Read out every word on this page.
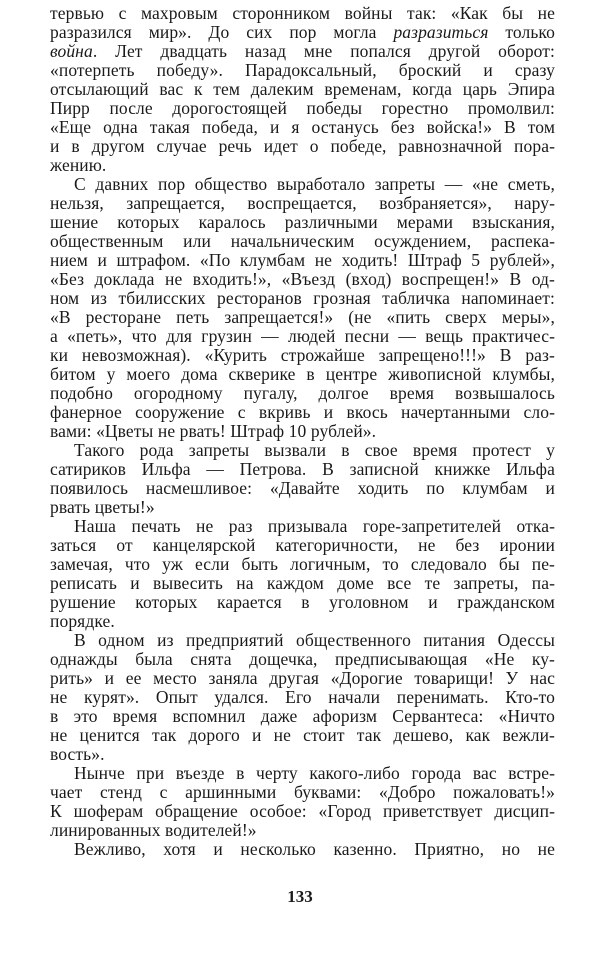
тервью с махровым сторонником войны так: «Как бы не
разразился мир». До сих пор могла разразиться только
война. Лет двадцать назад мне попался другой оборот:
«потерпеть победу». Парадоксальный, броский и сразу
отсылающий вас к тем далеким временам, когда царь Эпира
Пирр после дорогостоящей победы горестно промолвил:
«Еще одна такая победа, и я останусь без войска!» В том
и в другом случае речь идет о победе, равнозначной пора-
жению.
С давних пор общество выработало запреты — «не сметь,
нельзя, запрещается, воспрещается, возбраняется», нару-
шение которых каралось различными мерами взыскания,
общественным или начальническим осуждением, распека-
нием и штрафом. «По клумбам не ходить! Штраф 5 рублей»,
«Без доклада не входить!», «Въезд (вход) воспрещен!» В од-
ном из тбилисских ресторанов грозная табличка напоминает:
«В ресторане петь запрещается!» (не «пить сверх меры»,
а «петь», что для грузин — людей песни — вещь практичес-
ки невозможная). «Курить строжайше запрещено!!!» В раз-
битом у моего дома скверике в центре живописной клумбы,
подобно огородному пугалу, долгое время возвышалось
фанерное сооружение с вкривь и вкось начертанными сло-
вами: «Цветы не рвать! Штраф 10 рублей».
Такого рода запреты вызвали в свое время протест у
сатириков Ильфа — Петрова. В записной книжке Ильфа
появилось насмешливое: «Давайте ходить по клумбам и
рвать цветы!»
Наша печать не раз призывала горе-запретителей отка-
заться от канцелярской категоричности, не без иронии
замечая, что уж если быть логичным, то следовало бы пе-
реписать и вывесить на каждом доме все те запреты, па-
рушение которых карается в уголовном и гражданском
порядке.
В одном из предприятий общественного питания Одессы
однажды была снята дощечка, предписывающая «Не ку-
рить» и ее место заняла другая «Дорогие товарищи! У нас
не курят». Опыт удался. Его начали перенимать. Кто-то
в это время вспомнил даже афоризм Сервантеса: «Ничто
не ценится так дорого и не стоит так дешево, как вежли-
вость».
Нынче при въезде в черту какого-либо города вас встре-
чает стенд с аршинными буквами: «Добро пожаловать!»
К шоферам обращение особое: «Город приветствует дисцип-
линированных водителей!»
Вежливо, хотя и несколько казенно. Приятно, но не
133
